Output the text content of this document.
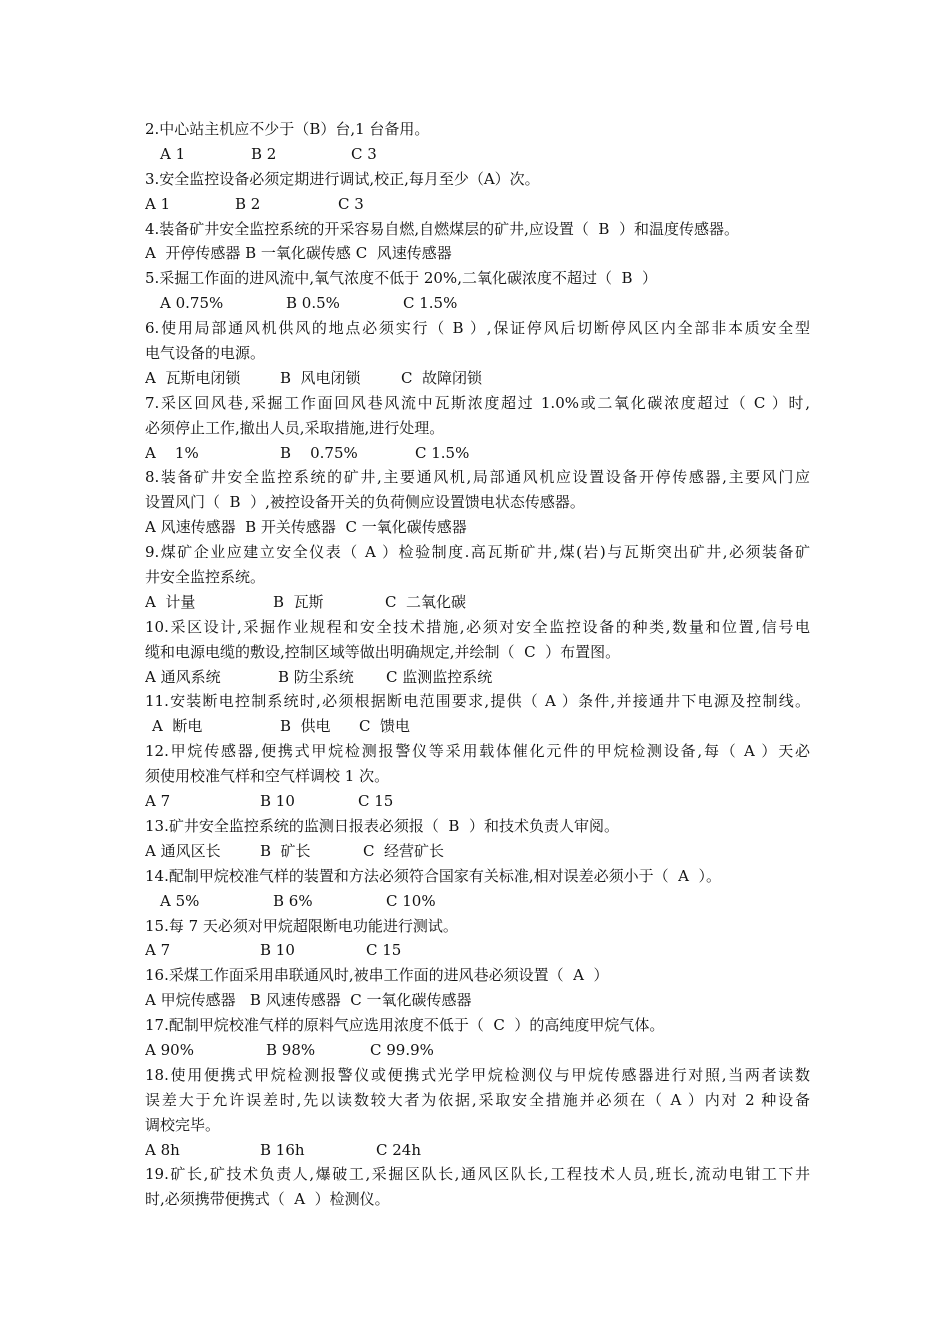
2.中心站主机应不少于（B）台,1 台备用。
A 1	B 2	C 3
3.安全监控设备必须定期进行调试,校正,每月至少（A）次。
A 1	B 2	C 3
4.装备矿井安全监控系统的开采容易自燃,自燃煤层的矿井,应设置（  B  ）和温度传感器。
A  开停传感器 B 一氧化碳传感 C  风速传感器
5.采掘工作面的进风流中,氧气浓度不低于 20%,二氧化碳浓度不超过（  B  ）
A 0.75%	B 0.5%	C 1.5%
6.使用局部通风机供风的地点必须实行（ B ）,保证停风后切断停风区内全部非本质安全型
电气设备的电源。
A  瓦斯电闭锁	B  风电闭锁	C  故障闭锁
7.采区回风巷,采掘工作面回风巷风流中瓦斯浓度超过 1.0%或二氧化碳浓度超过（ C ）时,
必须停止工作,撤出人员,采取措施,进行处理。
A    1%	B    0.75%	C 1.5%
8.装备矿井安全监控系统的矿井,主要通风机,局部通风机应设置设备开停传感器,主要风门应
设置风门（  B  ）,被控设备开关的负荷侧应设置馈电状态传感器。
A 风速传感器  B 开关传感器  C 一氧化碳传感器
9.煤矿企业应建立安全仪表（ A ）检验制度.高瓦斯矿井,煤(岩)与瓦斯突出矿井,必须装备矿
井安全监控系统。
A  计量	B  瓦斯	C  二氧化碳
10.采区设计,采掘作业规程和安全技术措施,必须对安全监控设备的种类,数量和位置,信号电
缆和电源电缆的敷设,控制区域等做出明确规定,并绘制（  C  ）布置图。
A 通风系统	B 防尘系统 C 监测监控系统
11.安装断电控制系统时,必须根据断电范围要求,提供（ A ）条件,并接通井下电源及控制线。
A  断电	B  供电 C  馈电
12.甲烷传感器,便携式甲烷检测报警仪等采用载体催化元件的甲烷检测设备,每（ A ）天必
须使用校准气样和空气样调校 1 次。
A 7	B 10	C 15
13.矿井安全监控系统的监测日报表必须报（  B  ）和技术负责人审阅。
A 通风区长	B  矿长	C  经营矿长
14.配制甲烷校准气样的装置和方法必须符合国家有关标准,相对误差必须小于（  A  ）。
A 5%	B 6%	C 10%
15.每 7 天必须对甲烷超限断电功能进行测试。
A 7	B 10	C 15
16.采煤工作面采用串联通风时,被串工作面的进风巷必须设置（  A  ）
A 甲烷传感器   B 风速传感器  C 一氧化碳传感器
17.配制甲烷校准气样的原料气应选用浓度不低于（  C  ）的高纯度甲烷气体。
A 90%	B 98%	C 99.9%
18.使用便携式甲烷检测报警仪或便携式光学甲烷检测仪与甲烷传感器进行对照,当两者读数
误差大于允许误差时,先以读数较大者为依据,采取安全措施并必须在（ A ）内对 2 种设备
调校完毕。
A 8h	B 16h	C 24h
19.矿长,矿技术负责人,爆破工,采掘区队长,通风区队长,工程技术人员,班长,流动电钳工下井
时,必须携带便携式（  A  ）检测仪。
